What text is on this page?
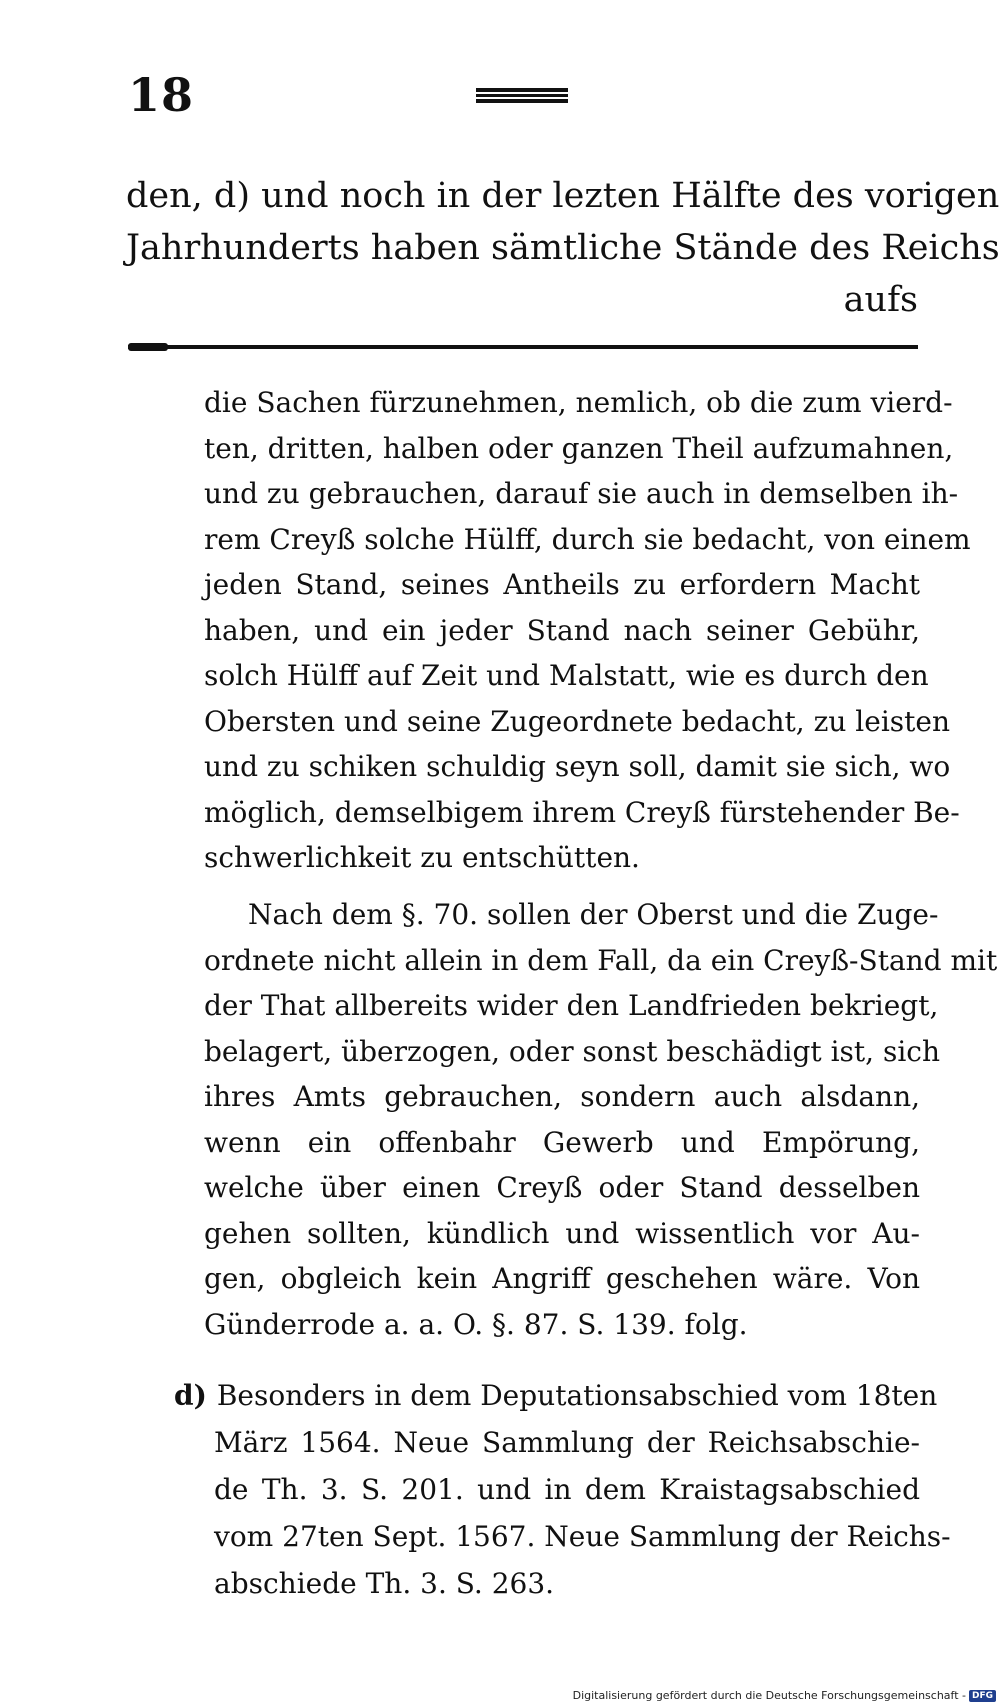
18
den, d) und noch in der lezten Hälfte des vorigen
Jahrhunderts haben sämtliche Stände des Reichs
aufs
die Sachen fürzunehmen, nemlich, ob die zum vierd-
ten, dritten, halben oder ganzen Theil aufzumahnen,
und zu gebrauchen, darauf sie auch in demselben ih-
rem Creyß solche Hülff, durch sie bedacht, von einem
jeden Stand, seines Antheils zu erfordern Macht
haben, und ein jeder Stand nach seiner Gebühr,
solch Hülff auf Zeit und Malstatt, wie es durch den
Obersten und seine Zugeordnete bedacht, zu leisten
und zu schiken schuldig seyn soll, damit sie sich, wo
möglich, demselbigem ihrem Creyß fürstehender Be-
schwerlichkeit zu entschütten.
Nach dem §. 70. sollen der Oberst und die Zuge-
ordnete nicht allein in dem Fall, da ein Creyß-Stand mit
der That allbereits wider den Landfrieden bekriegt,
belagert, überzogen, oder sonst beschädigt ist, sich
ihres Amts gebrauchen, sondern auch alsdann,
wenn ein offenbahr Gewerb und Empörung,
welche über einen Creyß oder Stand desselben
gehen sollten, kündlich und wissentlich vor Au-
gen, obgleich kein Angriff geschehen wäre. Von
Günderrode a. a. O. §. 87. S. 139. folg.
d) Besonders in dem Deputationsabschied vom 18ten
März 1564. Neue Sammlung der Reichsabschie-
de Th. 3. S. 201. und in dem Kraistagsabschied
vom 27ten Sept. 1567. Neue Sammlung der Reichs-
abschiede Th. 3. S. 263.
Digitalisierung gefördert durch die Deutsche Forschungsgemeinschaft - DFG
